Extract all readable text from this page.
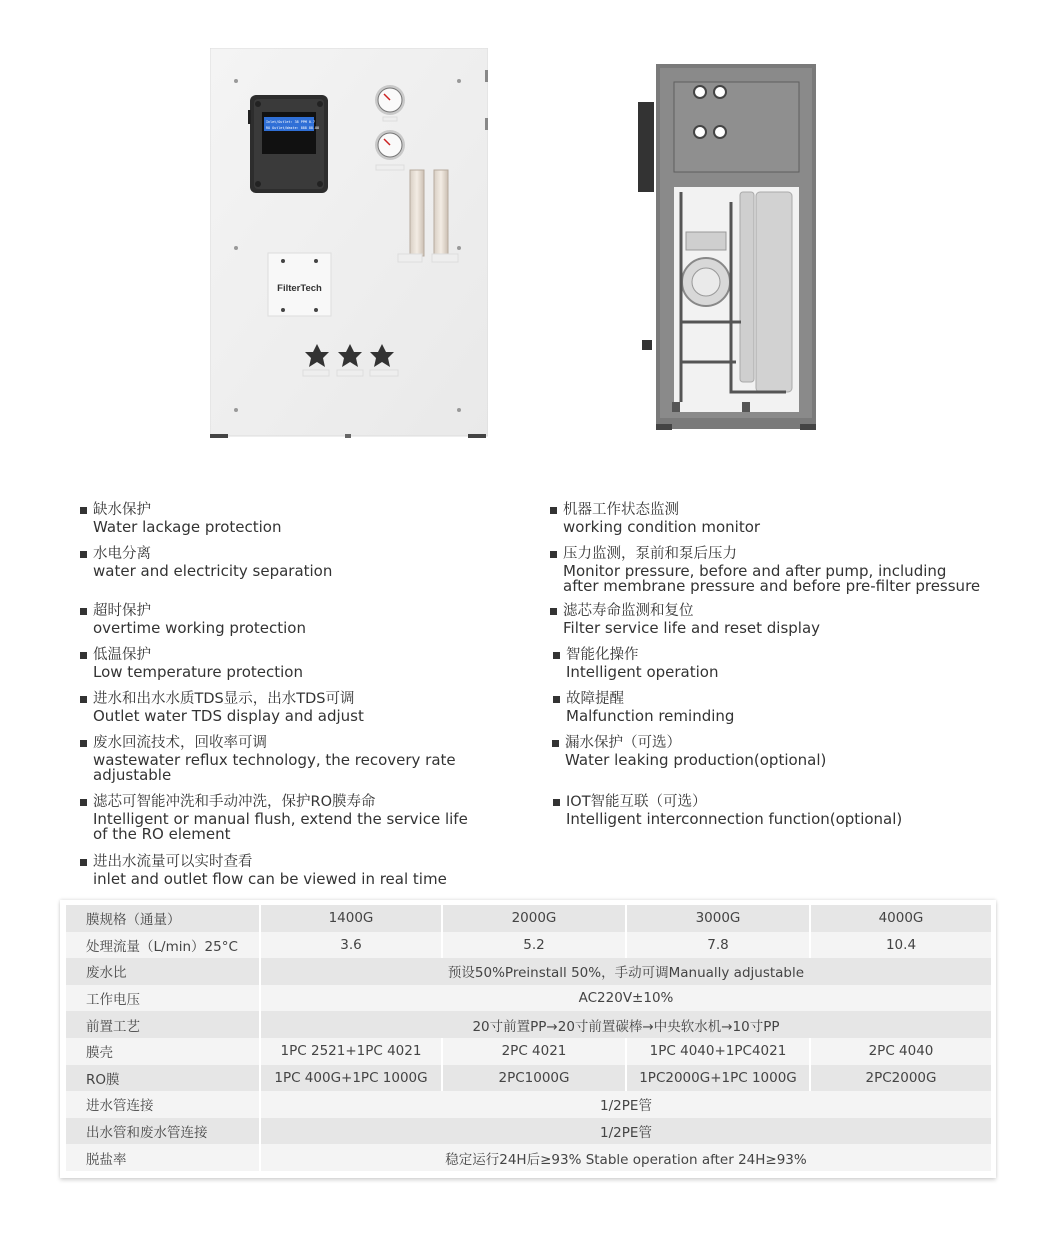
Inlet/Outlet: 38 PPM 0.7
RO Outlet/Waste: 888 88.88
FilterTech
缺水保护
Water lackage protection
水电分离
water and electricity separation
超时保护
overtime working protection
低温保护
Low temperature protection
进水和出水水质TDS显示，出水TDS可调
Outlet water TDS display and adjust
废水回流技术，回收率可调
wastewater reflux technology, the recovery rate
adjustable
滤芯可智能冲洗和手动冲洗，保护RO膜寿命
Intelligent or manual flush, extend the service life
of the RO element
进出水流量可以实时查看
inlet and outlet flow can be viewed in real time
机器工作状态监测
working condition monitor
压力监测，泵前和泵后压力
Monitor pressure, before and after pump, including
after membrane pressure and before pre-filter pressure
滤芯寿命监测和复位
Filter service life and reset display
智能化操作
Intelligent operation
故障提醒
Malfunction reminding
漏水保护（可选）
Water leaking production(optional)
IOT智能互联（可选）
Intelligent interconnection function(optional)
膜规格（通量）	1400G	2000G	3000G	4000G
处理流量（L/min）25°C	3.6	5.2	7.8	10.4
废水比	预设50%Preinstall 50%，手动可调Manually adjustable			
工作电压	AC220V±10%			
前置工艺	20寸前置PP→20寸前置碳棒→中央软水机→10寸PP			
膜壳	1PC 2521+1PC 4021	2PC 4021	1PC 4040+1PC4021	2PC 4040
RO膜	1PC 400G+1PC 1000G	2PC1000G	1PC2000G+1PC 1000G	2PC2000G
进水管连接	1/2PE管			
出水管和废水管连接	1/2PE管			
脱盐率	稳定运行24H后≥93% Stable operation after 24H≥93%			
